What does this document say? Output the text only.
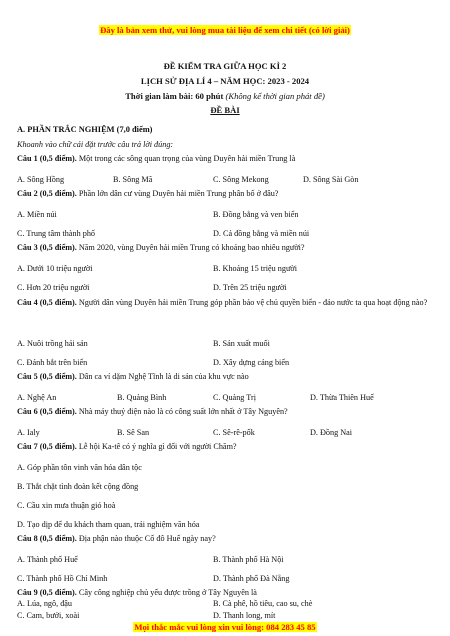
Đây là bản xem thử, vui lòng mua tài liệu để xem chi tiết (có lời giải)
ĐỀ KIỂM TRA GIỮA HỌC KÌ 2
LỊCH SỬ ĐỊA LÍ 4 – NĂM HỌC: 2023 - 2024
Thời gian làm bài: 60 phút (Không kể thời gian phát đề)
ĐỀ BÀI
A. PHẦN TRẮC NGHIỆM (7,0 điểm)
Khoanh vào chữ cái đặt trước câu trả lời đúng:
Câu 1 (0,5 điểm). Một trong các sông quan trọng của vùng Duyên hải miền Trung là
A. Sông Hồng	B. Sông Mã	C. Sông Mekong	D. Sông Sài Gòn
Câu 2 (0,5 điểm). Phần lớn dân cư vùng Duyên hải miền Trung phân bố ở đâu?
A. Miền núi	B. Đồng bằng và ven biển
C. Trung tâm thành phố	D. Cả đồng bằng và miền núi
Câu 3 (0,5 điểm). Năm 2020, vùng Duyên hải miền Trung có khoảng bao nhiêu người?
A. Dưới 10 triệu người	B. Khoảng 15 triệu người
C. Hơn 20 triệu người	D. Trên 25 triệu người
Câu 4 (0,5 điểm). Người dân vùng Duyên hải miền Trung góp phần bảo vệ chủ quyền biển - đảo nước ta qua hoạt động nào?
A. Nuôi trồng hải sản	B. Sản xuất muối
C. Đánh bắt trên biển	D. Xây dựng cảng biển
Câu 5 (0,5 điểm). Dân ca ví dặm Nghệ Tĩnh là di sản của khu vực nào
A. Nghệ An	B. Quảng Bình	C. Quảng Trị	D. Thừa Thiên Huế
Câu 6 (0,5 điểm). Nhà máy thuỷ điện nào là có công suất lớn nhất ở Tây Nguyên?
A. Ialy	B. Sê San	C. Sê-rê-pốk	D. Đồng Nai
Câu 7 (0,5 điểm). Lễ hội Ka-tê có ý nghĩa gì đối với người Chăm?
A. Góp phần tôn vinh văn hóa dân tộc
B. Thắt chặt tình đoàn kết cộng đồng
C. Cầu xin mưa thuận gió hoà
D. Tạo dịp để du khách tham quan, trải nghiệm văn hóa
Câu 8 (0,5 điểm). Địa phận nào thuộc Cố đô Huế ngày nay?
A. Thành phố Huế	B. Thành phố Hà Nội
C. Thành phố Hồ Chí Minh	D. Thành phố Đà Nẵng
Câu 9 (0,5 điểm). Cây công nghiệp chủ yếu được trồng ở Tây Nguyên là
Mọi thắc mắc vui lòng xin vui lòng: 084 283 45 85
A. Lúa, ngô, đậu	B. Cà phê, hồ tiêu, cao su, chè
C. Cam, bưởi, xoài	D. Thanh long, mít
